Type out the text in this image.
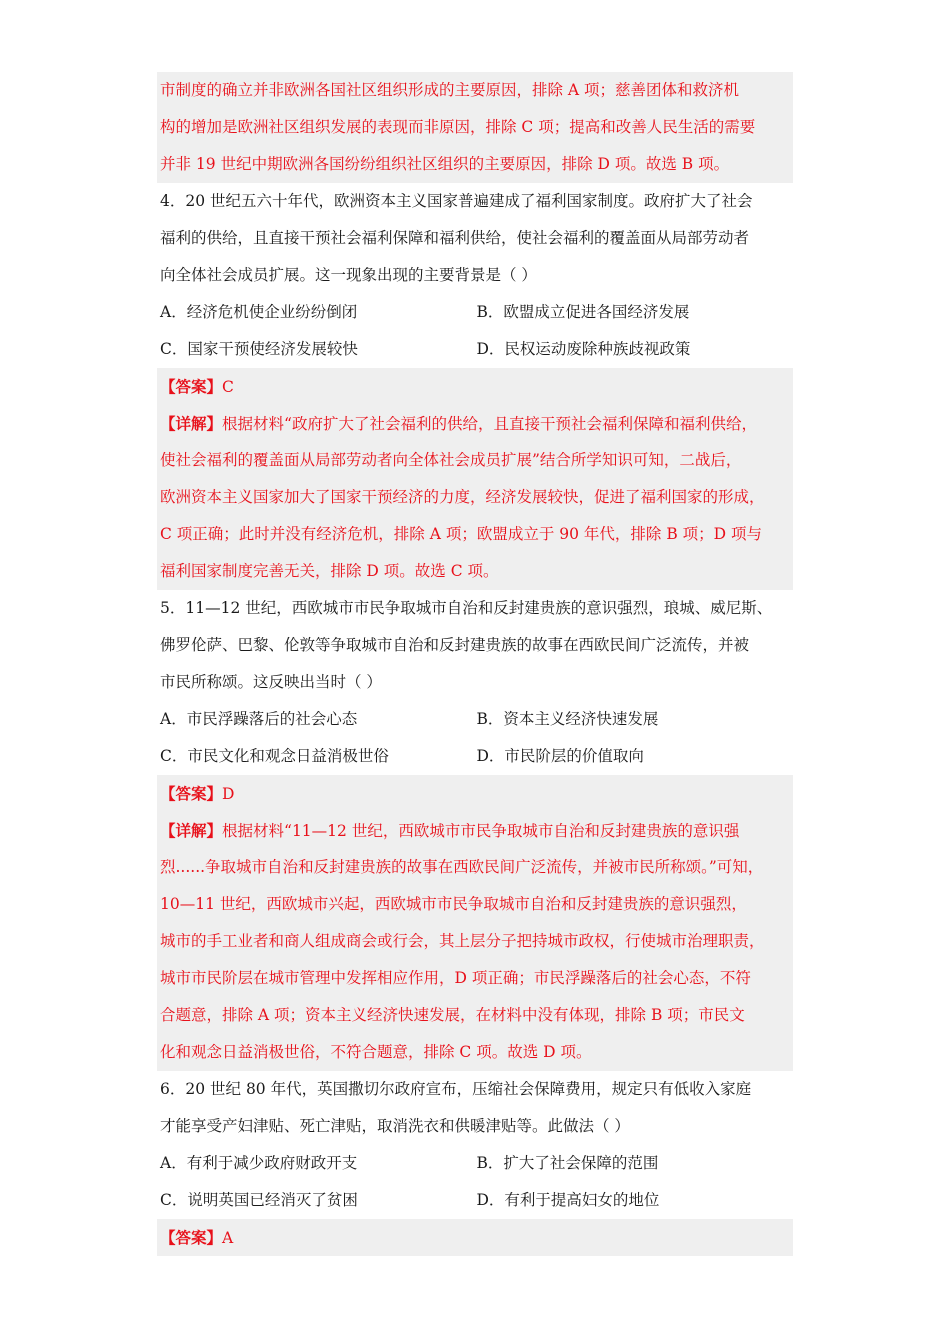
市制度的确立并非欧洲各国社区组织形成的主要原因，排除 A 项；慈善团体和救济机
构的增加是欧洲社区组织发展的表现而非原因，排除 C 项；提高和改善人民生活的需要
并非 19 世纪中期欧洲各国纷纷组织社区组织的主要原因，排除 D 项。故选 B 项。
4．20 世纪五六十年代，欧洲资本主义国家普遍建成了福利国家制度。政府扩大了社会
福利的供给，且直接干预社会福利保障和福利供给，使社会福利的覆盖面从局部劳动者
向全体社会成员扩展。这一现象出现的主要背景是（ ）
A．经济危机使企业纷纷倒闭	B．欧盟成立促进各国经济发展
C．国家干预使经济发展较快	D．民权运动废除种族歧视政策
【答案】C
【详解】根据材料“政府扩大了社会福利的供给，且直接干预社会福利保障和福利供给，
使社会福利的覆盖面从局部劳动者向全体社会成员扩展”结合所学知识可知，二战后，
欧洲资本主义国家加大了国家干预经济的力度，经济发展较快，促进了福利国家的形成，
C 项正确；此时并没有经济危机，排除 A 项；欧盟成立于 90 年代，排除 B 项；D 项与
福利国家制度完善无关，排除 D 项。故选 C 项。
5．11—12 世纪，西欧城市市民争取城市自治和反封建贵族的意识强烈，琅城、威尼斯、
佛罗伦萨、巴黎、伦敦等争取城市自治和反封建贵族的故事在西欧民间广泛流传，并被
市民所称颂。这反映出当时（ ）
A．市民浮躁落后的社会心态	B．资本主义经济快速发展
C．市民文化和观念日益消极世俗	D．市民阶层的价值取向
【答案】D
【详解】根据材料“11—12 世纪，西欧城市市民争取城市自治和反封建贵族的意识强
烈......争取城市自治和反封建贵族的故事在西欧民间广泛流传，并被市民所称颂。”可知，
10—11 世纪，西欧城市兴起，西欧城市市民争取城市自治和反封建贵族的意识强烈，
城市的手工业者和商人组成商会或行会，其上层分子把持城市政权，行使城市治理职责，
城市市民阶层在城市管理中发挥相应作用，D 项正确；市民浮躁落后的社会心态，不符
合题意，排除 A 项；资本主义经济快速发展，在材料中没有体现，排除 B 项；市民文
化和观念日益消极世俗，不符合题意，排除 C 项。故选 D 项。
6．20 世纪 80 年代，英国撒切尔政府宣布，压缩社会保障费用，规定只有低收入家庭
才能享受产妇津贴、死亡津贴，取消洗衣和供暖津贴等。此做法（ ）
A．有利于减少政府财政开支	B．扩大了社会保障的范围
C．说明英国已经消灭了贫困	D．有利于提高妇女的地位
【答案】A
